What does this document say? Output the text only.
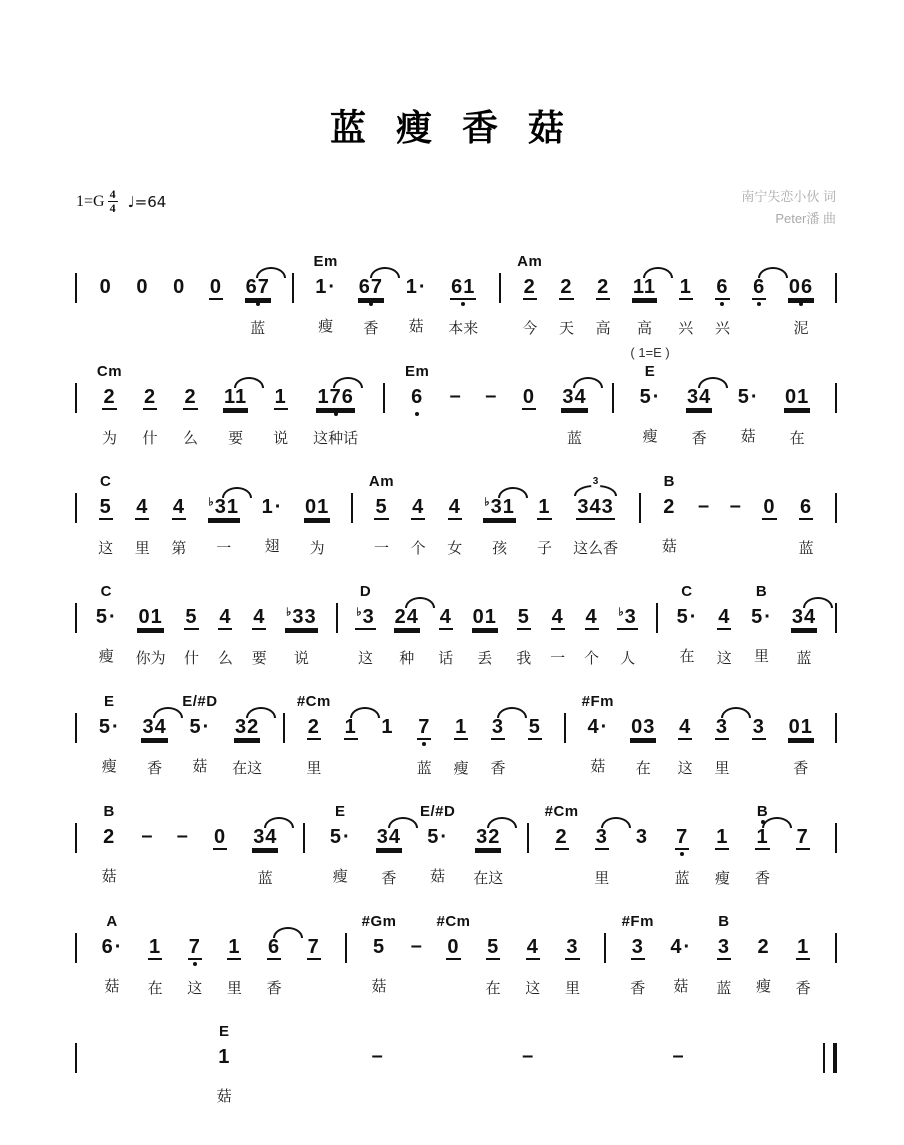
蓝 瘦 香 菇
$1=G \frac{4}{4}$ ♩=64	南宁失恋小伙 词
Peter潘 曲
0 0 0 0 67
蓝
Em
1·
瘦
67
香
1·
菇
61
本来
Am
2
今
2
天
2
高
11
高
1
兴
6
兴
6 06
泥
Cm
2
为
2
什
2
么
11
要
1
说
176
这种话
Em
6 – – 0 34
蓝
( 1=E )
E
5·
瘦
34
香
5·
菇
01
在
C
5
这
4
里
4
第
♭31
一
1·
翅
01
为
Am
5
一
4
个
4
女
♭31
孩
1
子
343
3
这么香
B
2
菇
– – 0 6
蓝
C
5·
瘦
01
你为
5
什
4
么
4
要
♭33
说
D
♭3
这
24
种
4
话
01
丢
5
我
4
一
4
个
♭3
人
C
5·
在
4
这
B
5·
里
34
蓝
E
5·
瘦
34
香
E/#D
5·
菇
32
在这
#Cm
2
里
1 1 7
蓝
1
瘦
3
香
5
#Fm
4·
菇
03
在
4
这
3
里
3 01
香
B
2
菇
– – 0 34
蓝
E
5·
瘦
34
香
E/#D
5·
菇
32
在这
#Cm
2 3
里
3 7
蓝
1
瘦
B
1
香
7
A
6·
菇
1
在
7
这
1
里
6
香
7
#Gm
5
菇
–
#Cm
0 5
在
4
这
3
里
#Fm
3
香
4·
菇
B
3
蓝
2
瘦
1
香
E
1
菇
–	–	–
